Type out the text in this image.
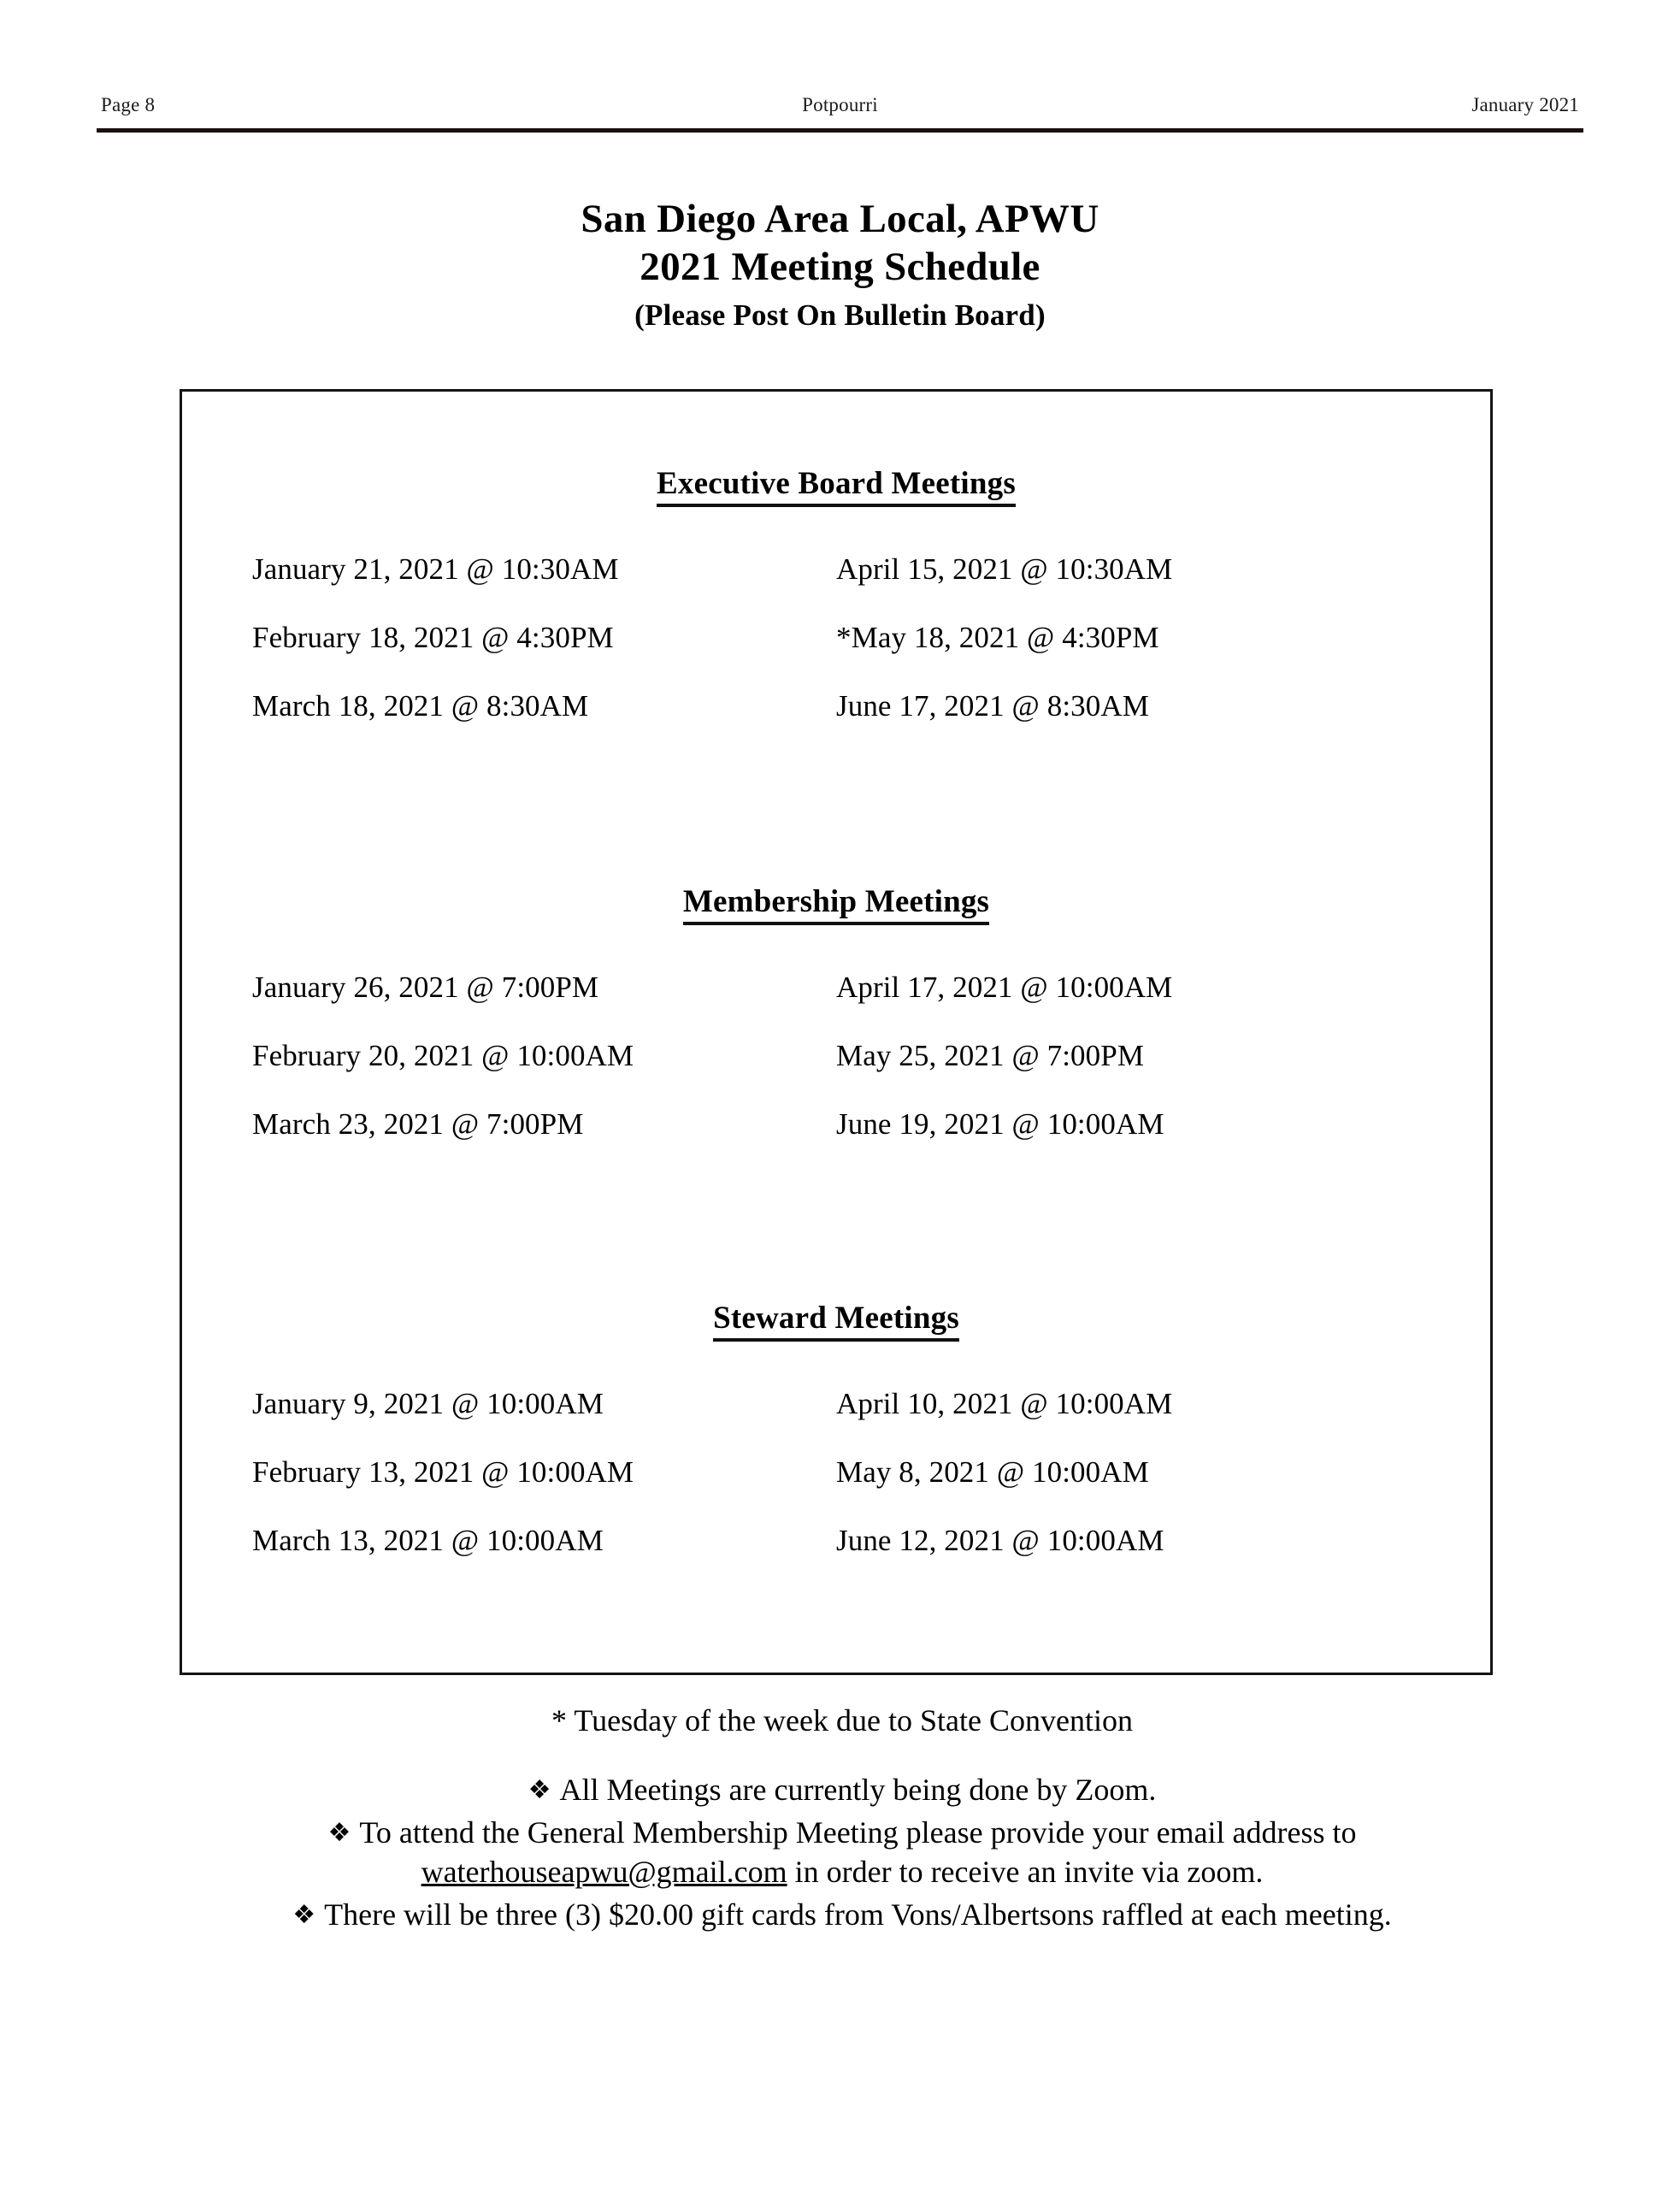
Page 8	Potpourri	January 2021
San Diego Area Local, APWU
2021 Meeting Schedule
(Please Post On Bulletin Board)
Executive Board Meetings
January 21, 2021 @ 10:30AM	April 15, 2021 @ 10:30AM
February 18, 2021 @ 4:30PM	*May 18, 2021 @ 4:30PM
March 18, 2021 @ 8:30AM	June 17, 2021 @ 8:30AM
Membership Meetings
January 26, 2021 @ 7:00PM	April 17, 2021 @ 10:00AM
February 20, 2021 @ 10:00AM	May 25, 2021 @ 7:00PM
March 23, 2021 @ 7:00PM	June 19, 2021 @ 10:00AM
Steward Meetings
January 9, 2021 @ 10:00AM	April 10, 2021 @ 10:00AM
February 13, 2021 @ 10:00AM	May 8, 2021 @ 10:00AM
March 13, 2021 @ 10:00AM	June 12, 2021 @ 10:00AM
* Tuesday of the week due to State Convention
❖ All Meetings are currently being done by Zoom.
❖ To attend the General Membership Meeting please provide your email address to waterhouseapwu@gmail.com in order to receive an invite via zoom.
❖ There will be three (3) $20.00 gift cards from Vons/Albertsons raffled at each meeting.
